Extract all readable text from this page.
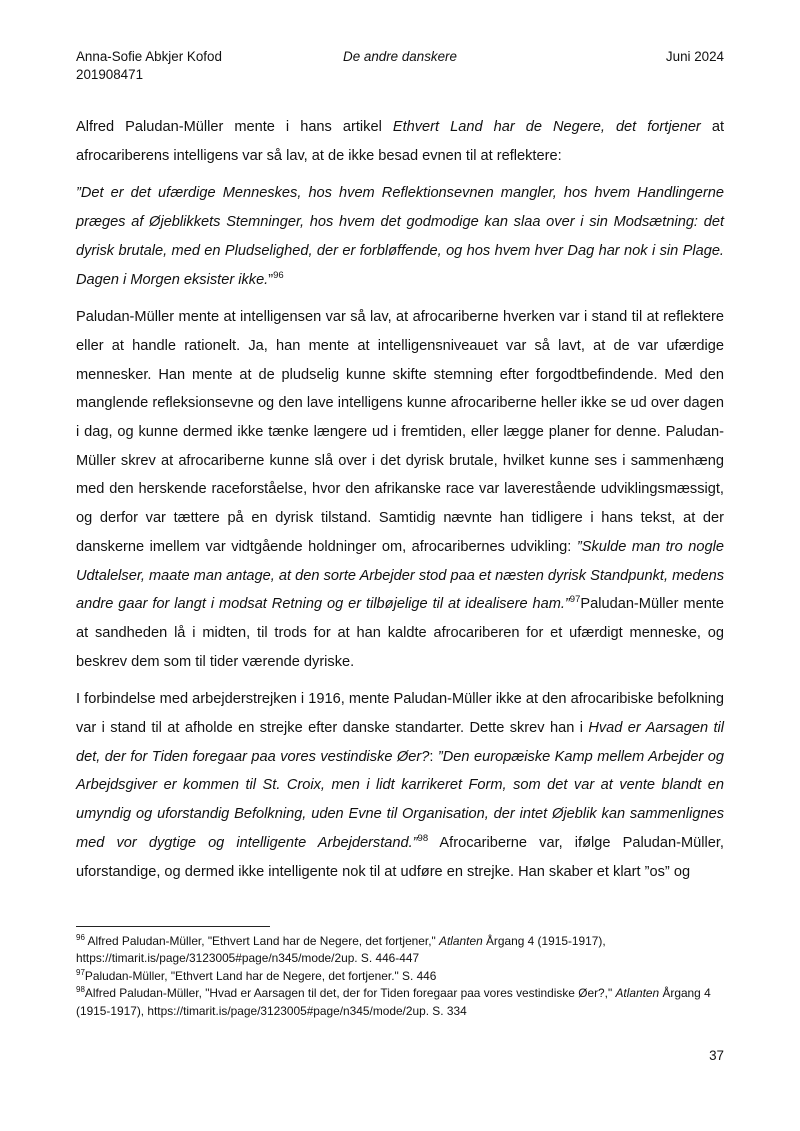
Anna-Sofie Abkjer Kofod
201908471
De andre danskere	Juni 2024

Alfred Paludan-Müller mente i hans artikel Ethvert Land har de Negere, det fortjener at afrocariberens intelligens var så lav, at de ikke besad evnen til at reflektere:

”Det er det ufærdige Menneskes, hos hvem Reflektionsevnen mangler, hos hvem Handlingerne præges af Øjeblikkets Stemninger, hos hvem det godmodige kan slaa over i sin Modsætning: det dyrisk brutale, med en Pludselighed, der er forbløffende, og hos hvem hver Dag har nok i sin Plage. Dagen i Morgen eksister ikke.”$^{96}$

Paludan-Müller mente at intelligensen var så lav, at afrocariberne hverken var i stand til at reflektere eller at handle rationelt. Ja, han mente at intelligensniveauet var så lavt, at de var ufærdige mennesker. Han mente at de pludselig kunne skifte stemning efter forgodtbefindende. Med den manglende refleksionsevne og den lave intelligens kunne afrocariberne heller ikke se ud over dagen i dag, og kunne dermed ikke tænke længere ud i fremtiden, eller lægge planer for denne. Paludan-Müller skrev at afrocariberne kunne slå over i det dyrisk brutale, hvilket kunne ses i sammenhæng med den herskende raceforståelse, hvor den afrikanske race var laverestående udviklingsmæssigt, og derfor var tættere på en dyrisk tilstand. Samtidig nævnte han tidligere i hans tekst, at der danskerne imellem var vidtgående holdninger om, afrocaribernes udvikling: ”Skulde man tro nogle Udtalelser, maate man antage, at den sorte Arbejder stod paa et næsten dyrisk Standpunkt, medens andre gaar for langt i modsat Retning og er tilbøjelige til at idealisere ham.”$^{97}$Paludan-Müller mente at sandheden lå i midten, til trods for at han kaldte afrocariberen for et ufærdigt menneske, og beskrev dem som til tider værende dyriske.

I forbindelse med arbejderstrejken i 1916, mente Paludan-Müller ikke at den afrocaribiske befolkning var i stand til at afholde en strejke efter danske standarter. Dette skrev han i Hvad er Aarsagen til det, der for Tiden foregaar paa vores vestindiske Øer?: ”Den europæiske Kamp mellem Arbejder og Arbejdsgiver er kommen til St. Croix, men i lidt karrikeret Form, som det var at vente blandt en umyndig og uforstandig Befolkning, uden Evne til Organisation, der intet Øjeblik kan sammenlignes med vor dygtige og intelligente Arbejderstand.”$^{98}$ Afrocariberne var, ifølge Paludan-Müller, uforstandige, og dermed ikke intelligente nok til at udføre en strejke. Han skaber et klart ”os” og

$^{96}$ Alfred Paludan-Müller, "Ethvert Land har de Negere, det fortjener," Atlanten Årgang 4 (1915-1917), https://timarit.is/page/3123005#page/n345/mode/2up. S. 446-447

$^{97}$Paludan-Müller, "Ethvert Land har de Negere, det fortjener." S. 446

$^{98}$Alfred Paludan-Müller, "Hvad er Aarsagen til det, der for Tiden foregaar paa vores vestindiske Øer?," Atlanten Årgang 4 (1915-1917), https://timarit.is/page/3123005#page/n345/mode/2up. S. 334

37
